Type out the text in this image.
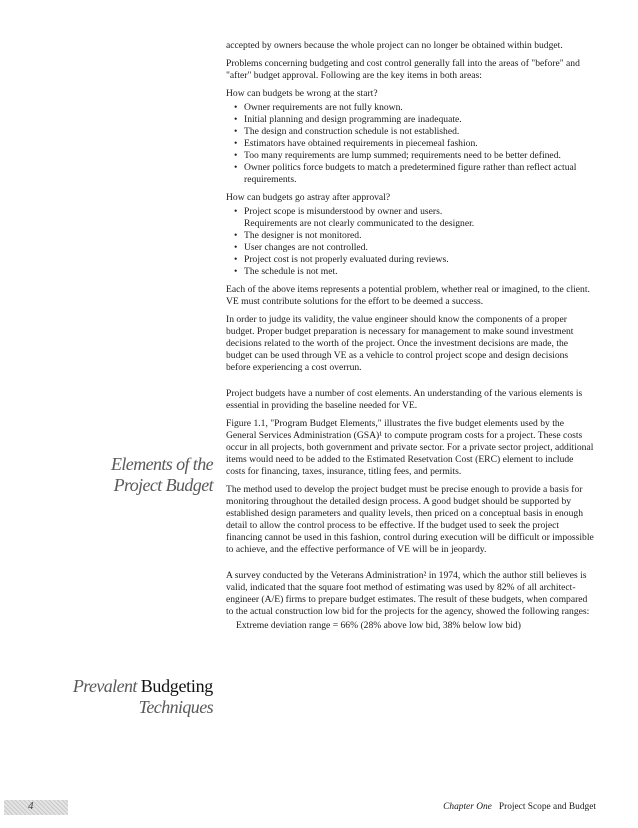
accepted by owners because the whole project can no longer be obtained within budget.

Problems concerning budgeting and cost control generally fall into the areas of "before" and "after" budget approval. Following are the key items in both areas:

How can budgets be wrong at the start?

• Owner requirements are not fully known.
• Initial planning and design programming are inadequate.
• The design and construction schedule is not established.
• Estimators have obtained requirements in piecemeal fashion.
• Too many requirements are lump summed; requirements need to be better defined.
• Owner politics force budgets to match a predetermined figure rather than reflect actual requirements.

How can budgets go astray after approval?

• Project scope is misunderstood by owner and users.
Requirements are not clearly communicated to the designer.
• The designer is not monitored.
• User changes are not controlled.
• Project cost is not properly evaluated during reviews.
• The schedule is not met.

Each of the above items represents a potential problem, whether real or imagined, to the client. VE must contribute solutions for the effort to be deemed a success.

In order to judge its validity, the value engineer should know the components of a proper budget. Proper budget preparation is necessary for management to make sound investment decisions related to the worth of the project. Once the investment decisions are made, the budget can be used through VE as a vehicle to control project scope and design decisions before experiencing a cost overrun.

Project budgets have a number of cost elements. An understanding of the various elements is essential in providing the baseline needed for VE.

Figure 1.1, "Program Budget Elements," illustrates the five budget elements used by the General Services Administration (GSA)¹ to compute program costs for a project. These costs occur in all projects, both government and private sector. For a private sector project, additional items would need to be added to the Estimated Resetvation Cost (ERC) element to include costs for financing, taxes, insurance, titling fees, and permits.

The method used to develop the project budget must be precise enough to provide a basis for monitoring throughout the detailed design process. A good budget should be supported by established design parameters and quality levels, then priced on a conceptual basis in enough detail to allow the control process to be effective. If the budget used to seek the project financing cannot be used in this fashion, control during execution will be difficult or impossible to achieve, and the effective performance of VE will be in jeopardy.

A survey conducted by the Veterans Administration² in 1974, which the author still believes is valid, indicated that the square foot method of estimating was used by 82% of all architect-engineer (A/E) firms to prepare budget estimates. The result of these budgets, when compared to the actual construction low bid for the projects for the agency, showed the following ranges:

Extreme deviation range = 66% (28% above low bid, 38% below low bid)

Elements of the
Project Budget
Prevalent Budgeting
Techniques
4	Chapter One Project Scope and Budget
